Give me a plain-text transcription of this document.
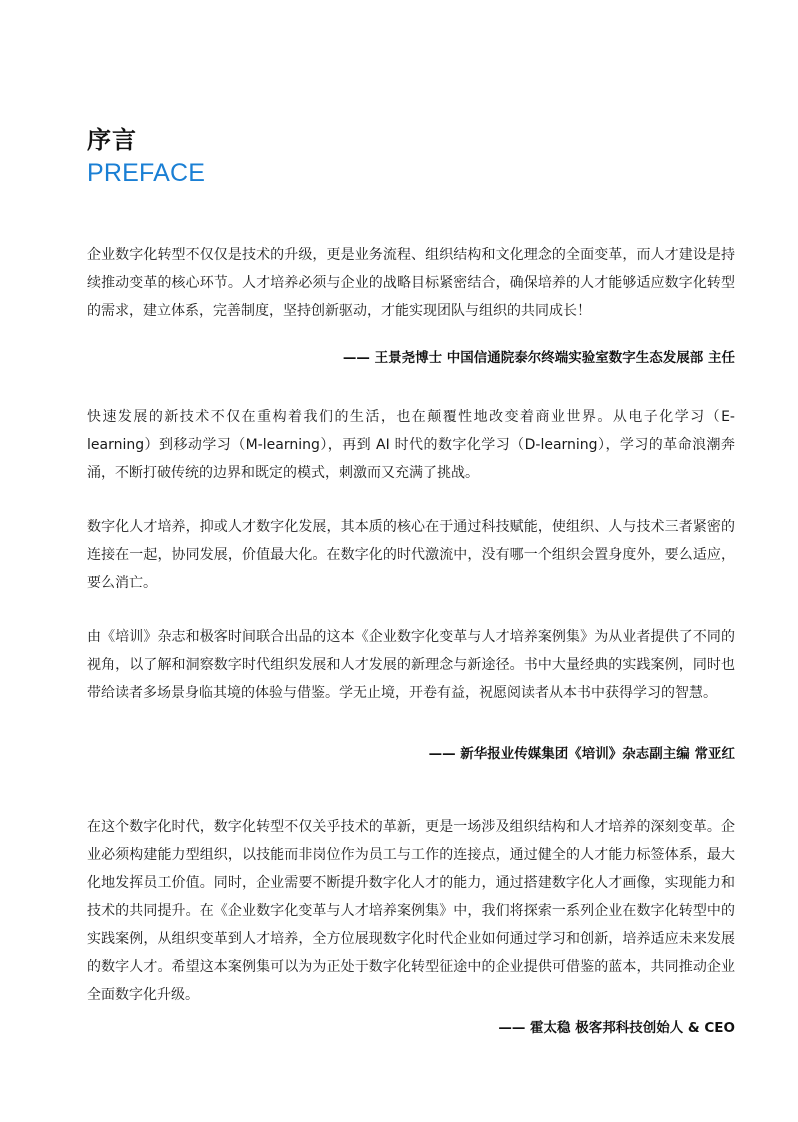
序言
PREFACE

企业数字化转型不仅仅是技术的升级，更是业务流程、组织结构和文化理念的全面变革，而人才建设是持续推动变革的核心环节。人才培养必须与企业的战略目标紧密结合，确保培养的人才能够适应数字化转型的需求，建立体系，完善制度，坚持创新驱动，才能实现团队与组织的共同成长！

—— 王景尧博士 中国信通院泰尔终端实验室数字生态发展部 主任

快速发展的新技术不仅在重构着我们的生活，也在颠覆性地改变着商业世界。从电子化学习（E-learning）到移动学习（M-learning），再到 AI 时代的数字化学习（D-learning），学习的革命浪潮奔涌，不断打破传统的边界和既定的模式，刺激而又充满了挑战。

数字化人才培养，抑或人才数字化发展，其本质的核心在于通过科技赋能，使组织、人与技术三者紧密的连接在一起，协同发展，价值最大化。在数字化的时代激流中，没有哪一个组织会置身度外，要么适应，要么消亡。

由《培训》杂志和极客时间联合出品的这本《企业数字化变革与人才培养案例集》为从业者提供了不同的视角，以了解和洞察数字时代组织发展和人才发展的新理念与新途径。书中大量经典的实践案例，同时也带给读者多场景身临其境的体验与借鉴。学无止境，开卷有益，祝愿阅读者从本书中获得学习的智慧。

—— 新华报业传媒集团《培训》杂志副主编 常亚红

在这个数字化时代，数字化转型不仅关乎技术的革新，更是一场涉及组织结构和人才培养的深刻变革。企业必须构建能力型组织，以技能而非岗位作为员工与工作的连接点，通过健全的人才能力标签体系，最大化地发挥员工价值。同时，企业需要不断提升数字化人才的能力，通过搭建数字化人才画像，实现能力和技术的共同提升。在《企业数字化变革与人才培养案例集》中，我们将探索一系列企业在数字化转型中的实践案例，从组织变革到人才培养，全方位展现数字化时代企业如何通过学习和创新，培养适应未来发展的数字人才。希望这本案例集可以为为正处于数字化转型征途中的企业提供可借鉴的蓝本，共同推动企业全面数字化升级。

—— 霍太稳 极客邦科技创始人 & CEO
